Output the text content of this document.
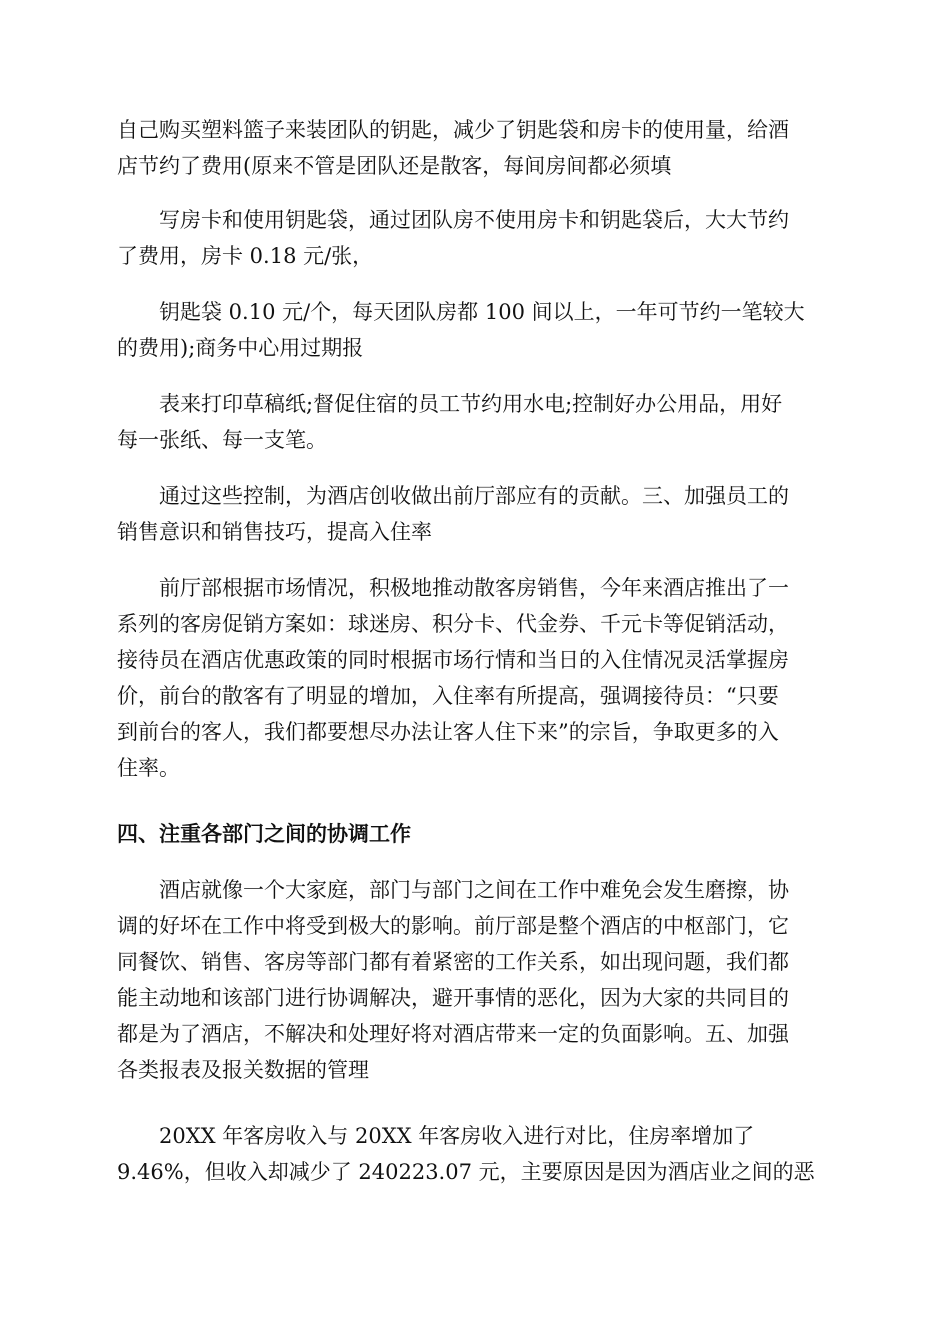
自己购买塑料篮子来装团队的钥匙，减少了钥匙袋和房卡的使用量，给酒
店节约了费用(原来不管是团队还是散客，每间房间都必须填
写房卡和使用钥匙袋，通过团队房不使用房卡和钥匙袋后，大大节约
了费用，房卡 0.18 元/张，
钥匙袋 0.10 元/个，每天团队房都 100 间以上，一年可节约一笔较大
的费用);商务中心用过期报
表来打印草稿纸;督促住宿的员工节约用水电;控制好办公用品，用好
每一张纸、每一支笔。
通过这些控制，为酒店创收做出前厅部应有的贡献。三、加强员工的
销售意识和销售技巧，提高入住率
前厅部根据市场情况，积极地推动散客房销售，今年来酒店推出了一
系列的客房促销方案如：球迷房、积分卡、代金券、千元卡等促销活动，
接待员在酒店优惠政策的同时根据市场行情和当日的入住情况灵活掌握房
价，前台的散客有了明显的增加，入住率有所提高，强调接待员：“只要
到前台的客人，我们都要想尽办法让客人住下来”的宗旨，争取更多的入
住率。
四、注重各部门之间的协调工作
酒店就像一个大家庭，部门与部门之间在工作中难免会发生磨擦，协
调的好坏在工作中将受到极大的影响。前厅部是整个酒店的中枢部门，它
同餐饮、销售、客房等部门都有着紧密的工作关系，如出现问题，我们都
能主动地和该部门进行协调解决，避开事情的恶化，因为大家的共同目的
都是为了酒店，不解决和处理好将对酒店带来一定的负面影响。五、加强
各类报表及报关数据的管理
20XX 年客房收入与 20XX 年客房收入进行对比，住房率增加了
9.46%，但收入却减少了 240223.07 元，主要原因是因为酒店业之间的恶
